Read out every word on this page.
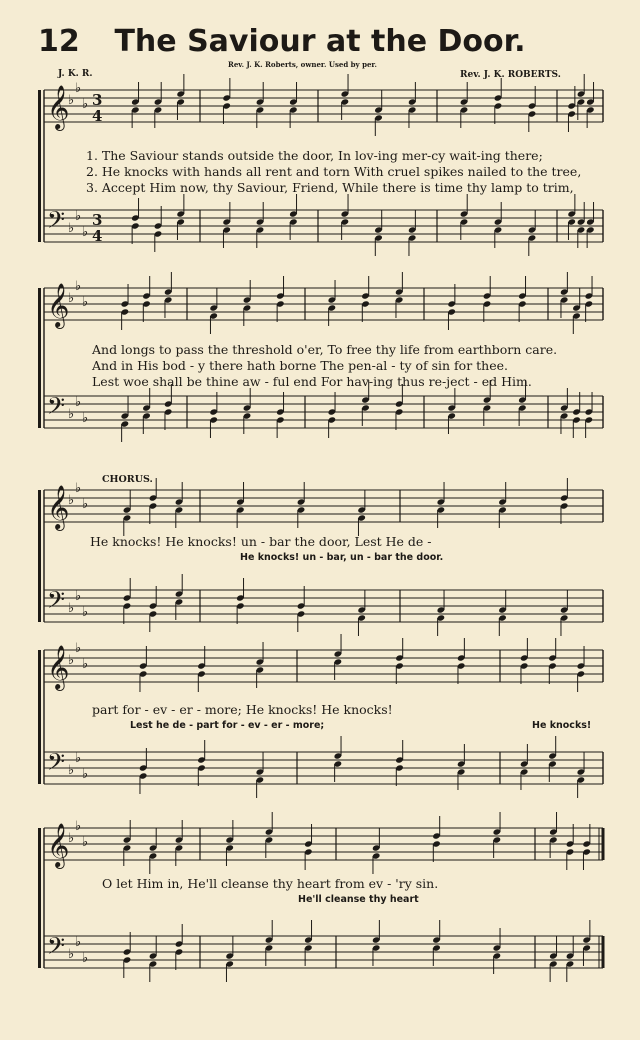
12	The Saviour at the Door.
J. K. R.
Rev. J. K. Roberts, owner. Used by per.
Rev. J. K. ROBERTS.
𝄞
♭
♭
♭ 3
4
𝄢 ♭
♭
♭
3
4
𝄞
♭
♭
♭
𝄢 ♭
♭
♭
𝄞
♭
♭
♭
𝄢 ♭
♭
♭
𝄞
♭
♭
♭
𝄢 ♭
♭
♭
𝄞
♭
♭
♭
𝄢 ♭
♭
♭
1. The Saviour stands outside the door, In lov-ing mer-cy wait-ing there;
2. He knocks with hands all rent and torn With cruel spikes nailed to the tree,
3. Accept Him now, thy Saviour, Friend, While there is time thy lamp to trim,
And longs to pass the threshold o'er, To free thy life from earthborn care.
And in His bod - y there hath borne The pen-al - ty of sin for thee.
Lest woe shall be thine aw - ful end For hav-ing thus re-ject - ed Him.
CHORUS.
He knocks! He knocks! un - bar the door, Lest He de -
He knocks! un - bar, un - bar the door.
part for - ev - er - more; He knocks! He knocks!
Lest he de - part for - ev - er - more;	He knocks!
O let Him in, He'll cleanse thy heart from ev - 'ry sin.
He'll cleanse thy heart
